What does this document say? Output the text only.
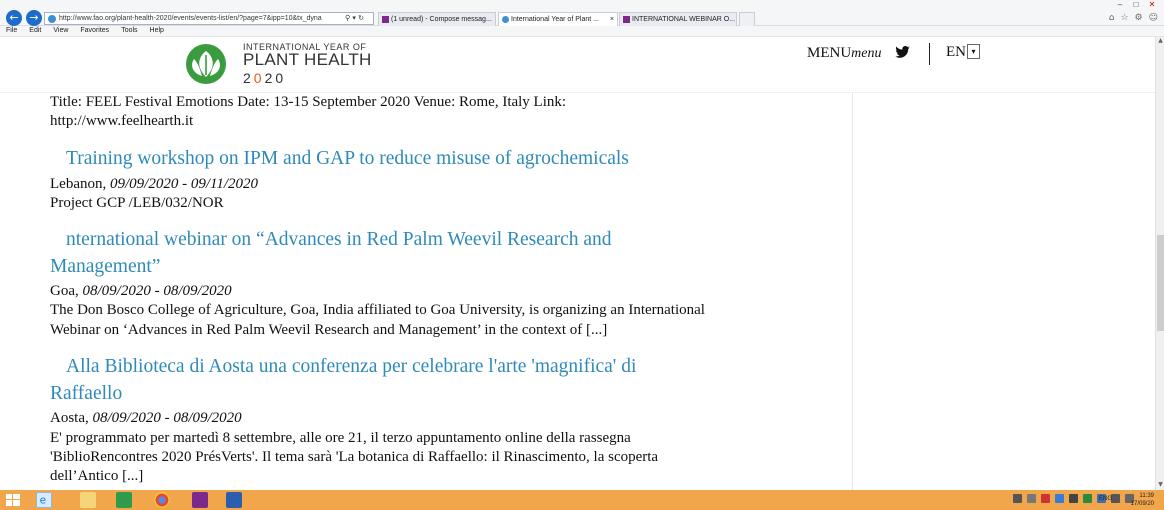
← →	http://www.fao.org/plant-health-2020/events/events-list/en/?page=7&ipp=10&tx_dyna	⚲ ▾ ↻	(1 unread) - Compose messag...	International Year of Plant ... ×	INTERNATIONAL WEBINAR O...
– □ ✕
⌂ ☆ ⚙ ☺
File Edit View Favorites Tools Help
INTERNATIONAL YEAR OF
PLANT HEALTH
2020
MENUmenu	EN ▾
Title: FEEL Festival Emotions Date: 13-15 September 2020 Venue: Rome, Italy Link:
http://www.feelhearth.it
Training workshop on IPM and GAP to reduce misuse of agrochemicals
Lebanon, 09/09/2020 - 09/11/2020
Project GCP /LEB/032/NOR
nternational webinar on “Advances in Red Palm Weevil Research and
Management”
Goa, 08/09/2020 - 08/09/2020
The Don Bosco College of Agriculture, Goa, India affiliated to Goa University, is organizing an International
Webinar on ‘Advances in Red Palm Weevil Research and Management’ in the context of [...]
Alla Biblioteca di Aosta una conferenza per celebrare l'arte 'magnifica' di
Raffaello
Aosta, 08/09/2020 - 08/09/2020
E' programmato per martedì 8 settembre, alle ore 21, il terzo appuntamento online della rassegna
'BiblioRencontres 2020 PrésVerts'. Il tema sarà 'La botanica di Raffaello: il Rinascimento, la scoperta
dell’Antico [...]
▲
▼
e
	ENG	11:39
17/09/20
